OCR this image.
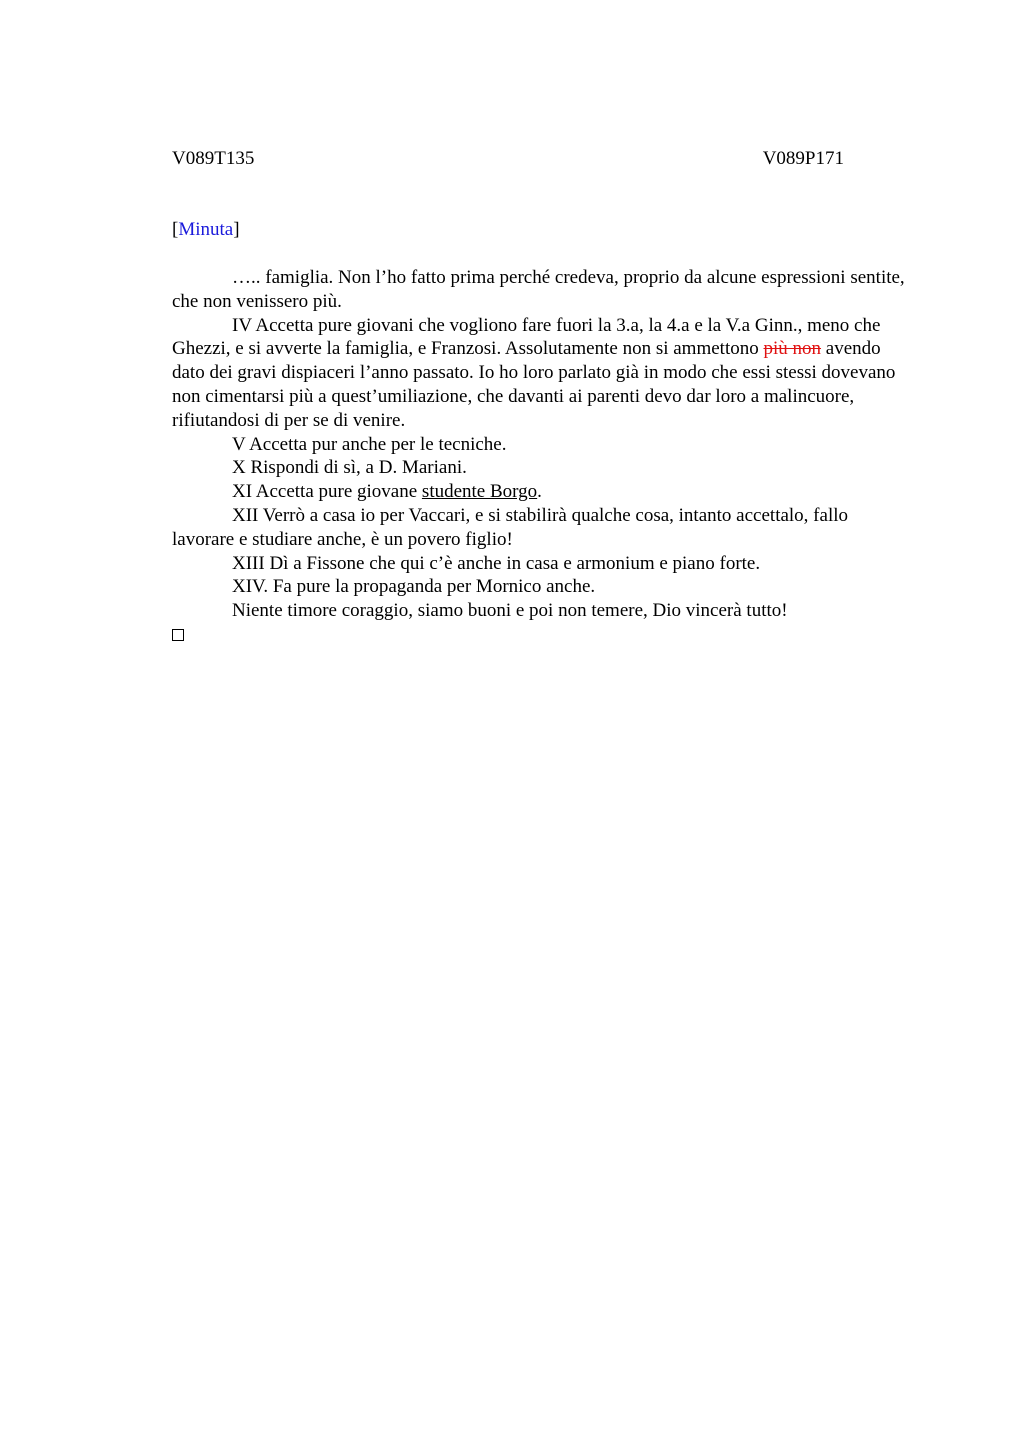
V089T135	V089P171
[Minuta]

….. famiglia. Non l’ho fatto prima perché credeva, proprio da alcune espressioni sentite, che non venissero più.

IV Accetta pure giovani che vogliono fare fuori la 3.a, la 4.a e la V.a Ginn., meno che Ghezzi, e si avverte la famiglia, e Franzosi. Assolutamente non si ammettono più non avendo dato dei gravi dispiaceri l’anno passato. Io ho loro parlato già in modo che essi stessi dovevano non cimentarsi più a quest’umiliazione, che davanti ai parenti devo dar loro a malincuore, rifiutandosi di per se di venire.

V Accetta pur anche per le tecniche.

X Rispondi di sì, a D. Mariani.

XI Accetta pure giovane studente Borgo.

XII Verrò a casa io per Vaccari, e si stabilirà qualche cosa, intanto accettalo, fallo lavorare e studiare anche, è un povero figlio!

XIII Dì a Fissone che qui c’è anche in casa e armonium e piano forte.

XIV. Fa pure la propaganda per Mornico anche.

Niente timore coraggio, siamo buoni e poi non temere, Dio vincerà tutto!
